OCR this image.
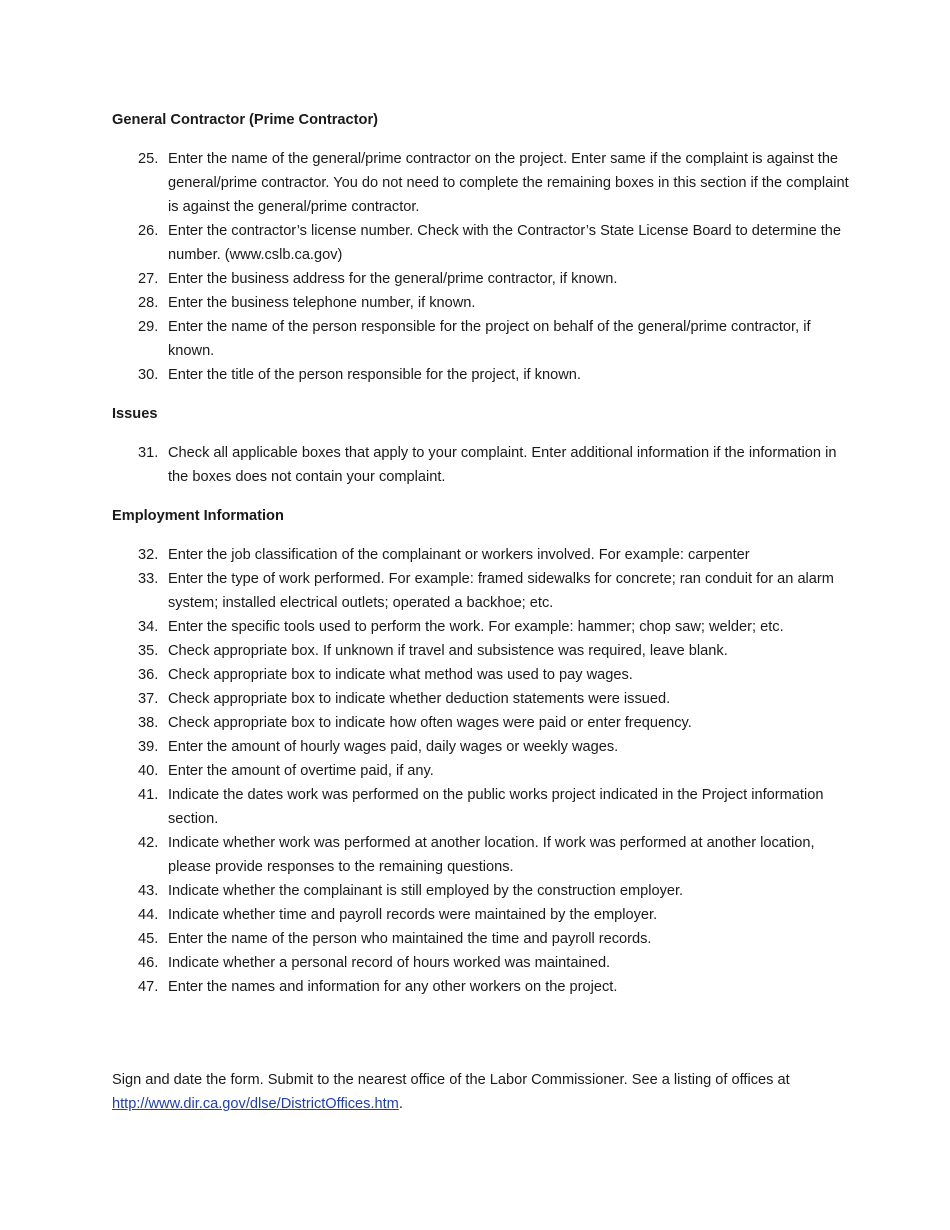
General Contractor (Prime Contractor)

25. Enter the name of the general/prime contractor on the project. Enter same if the complaint is against the general/prime contractor. You do not need to complete the remaining boxes in this section if the complaint is against the general/prime contractor.
26. Enter the contractor’s license number. Check with the Contractor’s State License Board to determine the number. (www.cslb.ca.gov)
27. Enter the business address for the general/prime contractor, if known.
28. Enter the business telephone number, if known.
29. Enter the name of the person responsible for the project on behalf of the general/prime contractor, if known.
30. Enter the title of the person responsible for the project, if known.

Issues

31. Check all applicable boxes that apply to your complaint. Enter additional information if the information in the boxes does not contain your complaint.

Employment Information

32. Enter the job classification of the complainant or workers involved. For example: carpenter
33. Enter the type of work performed. For example: framed sidewalks for concrete; ran conduit for an alarm system; installed electrical outlets; operated a backhoe; etc.
34. Enter the specific tools used to perform the work. For example: hammer; chop saw; welder; etc.
35. Check appropriate box. If unknown if travel and subsistence was required, leave blank.
36. Check appropriate box to indicate what method was used to pay wages.
37. Check appropriate box to indicate whether deduction statements were issued.
38. Check appropriate box to indicate how often wages were paid or enter frequency.
39. Enter the amount of hourly wages paid, daily wages or weekly wages.
40. Enter the amount of overtime paid, if any.
41. Indicate the dates work was performed on the public works project indicated in the Project information section.
42. Indicate whether work was performed at another location. If work was performed at another location, please provide responses to the remaining questions.
43. Indicate whether the complainant is still employed by the construction employer.
44. Indicate whether time and payroll records were maintained by the employer.
45. Enter the name of the person who maintained the time and payroll records.
46. Indicate whether a personal record of hours worked was maintained.
47. Enter the names and information for any other workers on the project.

Sign and date the form. Submit to the nearest office of the Labor Commissioner. See a listing of offices at http://www.dir.ca.gov/dlse/DistrictOffices.htm.
